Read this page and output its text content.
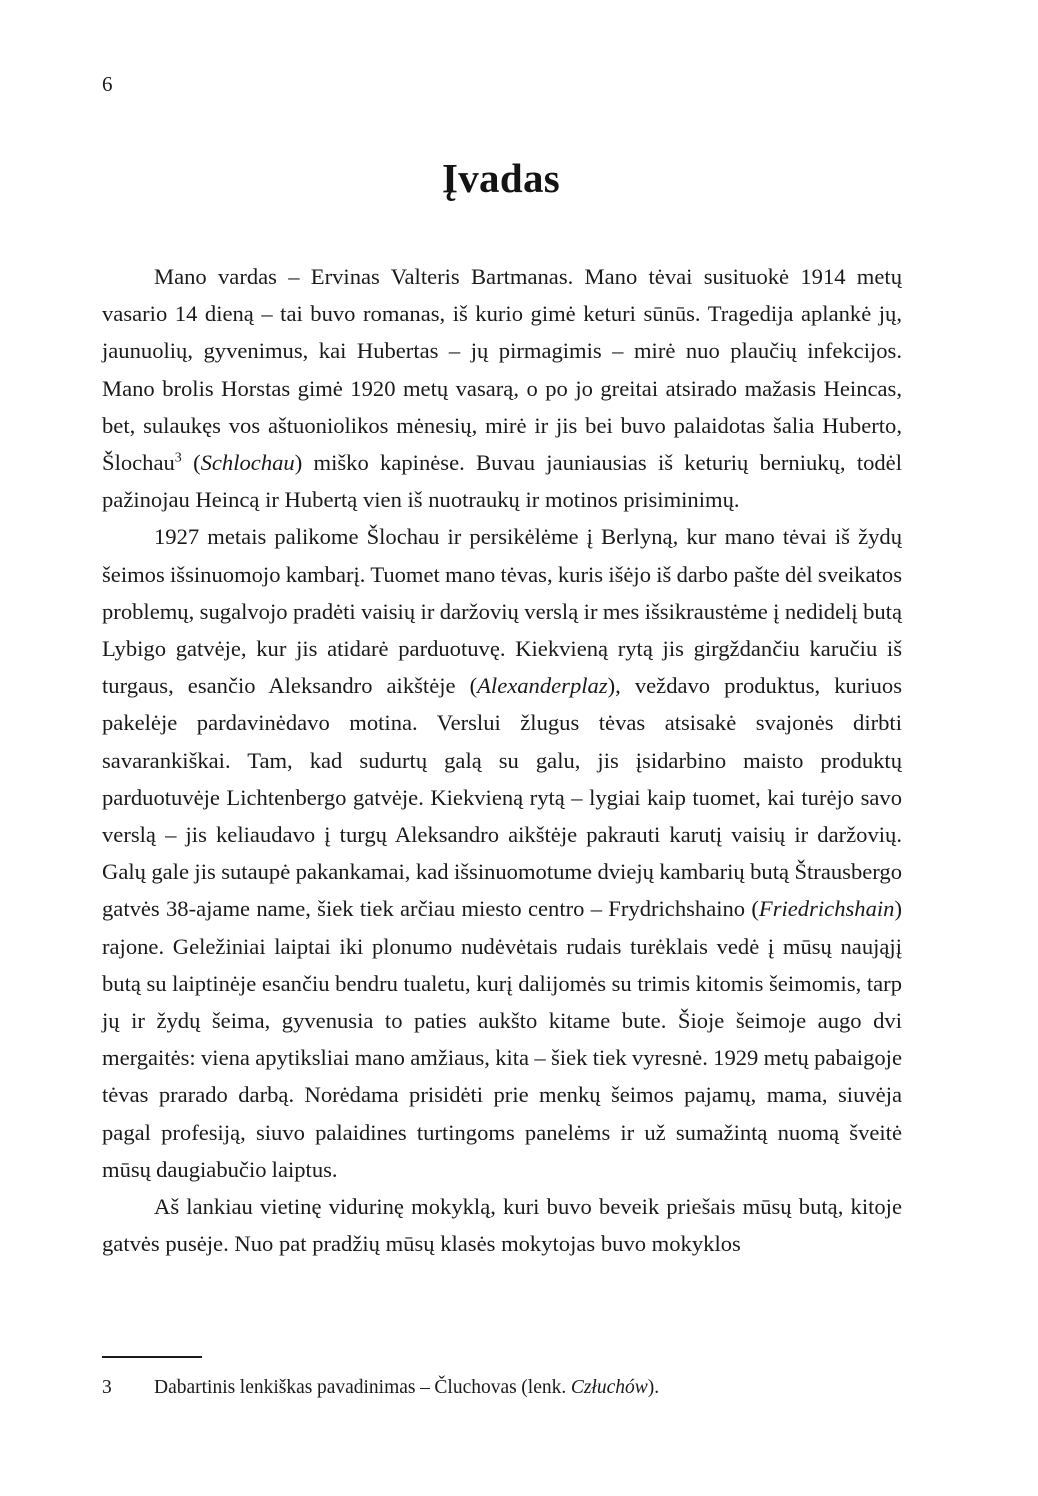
6
Įvadas

Mano vardas – Ervinas Valteris Bartmanas. Mano tėvai susituokė 1914 metų vasario 14 dieną – tai buvo romanas, iš kurio gimė keturi sūnūs. Tragedija aplankė jų, jaunuolių, gyvenimus, kai Hubertas – jų pirmagimis – mirė nuo plaučių infekcijos. Mano brolis Horstas gimė 1920 metų vasarą, o po jo greitai atsirado mažasis Heincas, bet, sulaukęs vos aštuoniolikos mėnesių, mirė ir jis bei buvo palaidotas šalia Huberto, Šlochau$^3$ (Schlochau) miško kapinėse. Buvau jauniausias iš keturių berniukų, todėl pažinojau Heincą ir Hubertą vien iš nuotraukų ir motinos prisiminimų.

1927 metais palikome Šlochau ir persikėlėme į Berlyną, kur mano tėvai iš žydų šeimos išsinuomojo kambarį. Tuomet mano tėvas, kuris išėjo iš darbo pašte dėl sveikatos problemų, sugalvojo pradėti vaisių ir daržovių verslą ir mes išsikraustėme į nedidelį butą Lybigo gatvėje, kur jis atidarė parduotuvę. Kiekvieną rytą jis girgždančiu karučiu iš turgaus, esančio Aleksandro aikštėje (Alexanderplaz), veždavo produktus, kuriuos pakelėje pardavinėdavo motina. Verslui žlugus tėvas atsisakė svajonės dirbti savarankiškai. Tam, kad sudurtų galą su galu, jis įsidarbino maisto produktų parduotuvėje Lichtenbergo gatvėje. Kiekvieną rytą – lygiai kaip tuomet, kai turėjo savo verslą – jis keliaudavo į turgų Aleksandro aikštėje pakrauti karutį vaisių ir daržovių. Galų gale jis sutaupė pakankamai, kad išsinuomotume dviejų kambarių butą Štrausbergo gatvės 38-ajame name, šiek tiek arčiau miesto centro – Frydrichshaino (Friedrichshain) rajone. Geležiniai laiptai iki plonumo nudėvėtais rudais turėklais vedė į mūsų naująjį butą su laiptinėje esančiu bendru tualetu, kurį dalijomės su trimis kitomis šeimomis, tarp jų ir žydų šeima, gyvenusia to paties aukšto kitame bute. Šioje šeimoje augo dvi mergaitės: viena apytiksliai mano amžiaus, kita – šiek tiek vyresnė. 1929 metų pabaigoje tėvas prarado darbą. Norėdama prisidėti prie menkų šeimos pajamų, mama, siuvėja pagal profesiją, siuvo palaidines turtingoms panelėms ir už sumažintą nuomą šveitė mūsų daugiabučio laiptus.

Aš lankiau vietinę vidurinę mokyklą, kuri buvo beveik priešais mūsų butą, kitoje gatvės pusėje. Nuo pat pradžių mūsų klasės mokytojas buvo mokyklos

3	Dabartinis lenkiškas pavadinimas – Čluchovas (lenk. Człuchów).
